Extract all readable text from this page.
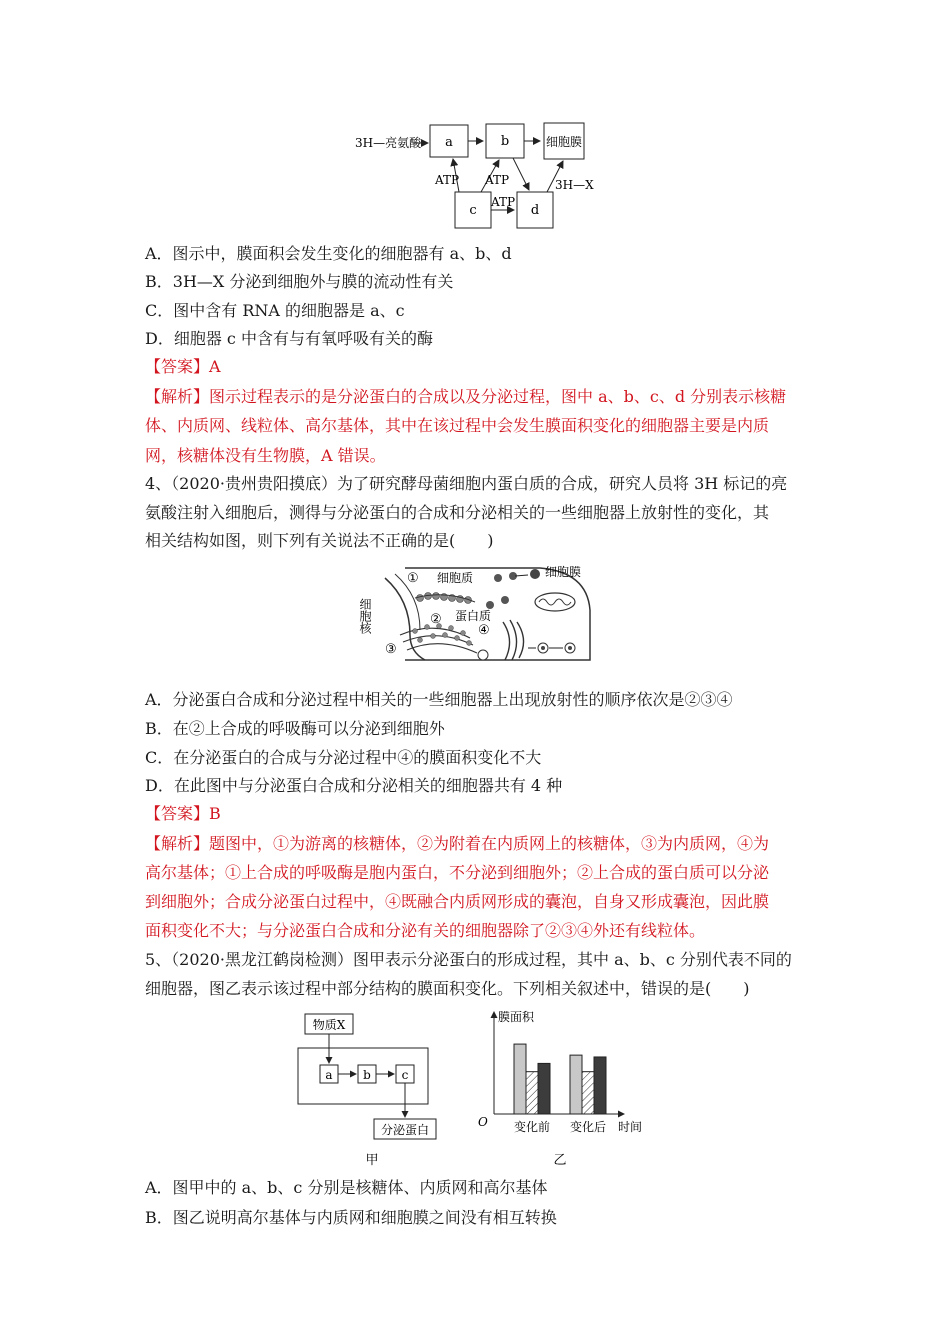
3H—亮氨酸 a	b	细胞膜
c	d
ATP ATP
ATP
3H—X
A．图示中，膜面积会发生变化的细胞器有 a、b、d
B．3H—X 分泌到细胞外与膜的流动性有关
C．图中含有 RNA 的细胞器是 a、c
D．细胞器 c 中含有与有氧呼吸有关的酶
【答案】A
【解析】图示过程表示的是分泌蛋白的合成以及分泌过程，图中 a、b、c、d 分别表示核糖
体、内质网、线粒体、高尔基体，其中在该过程中会发生膜面积变化的细胞器主要是内质
网，核糖体没有生物膜，A 错误。
4、（2020·贵州贵阳摸底）为了研究酵母菌细胞内蛋白质的合成，研究人员将 3H 标记的亮
氨酸注射入细胞后，测得与分泌蛋白的合成和分泌相关的一些细胞器上放射性的变化，其
相关结构如图，则下列有关说法不正确的是(　　)
① 细胞质	细胞膜
细胞核	② 蛋白质
④
③
A．分泌蛋白合成和分泌过程中相关的一些细胞器上出现放射性的顺序依次是②③④
B．在②上合成的呼吸酶可以分泌到细胞外
C．在分泌蛋白的合成与分泌过程中④的膜面积变化不大
D．在此图中与分泌蛋白合成和分泌相关的细胞器共有 4 种
【答案】B
【解析】题图中，①为游离的核糖体，②为附着在内质网上的核糖体，③为内质网，④为
高尔基体；①上合成的呼吸酶是胞内蛋白，不分泌到细胞外；②上合成的蛋白质可以分泌
到细胞外；合成分泌蛋白过程中，④既融合内质网形成的囊泡，自身又形成囊泡，因此膜
面积变化不大；与分泌蛋白合成和分泌有关的细胞器除了②③④外还有线粒体。
5、（2020·黑龙江鹤岗检测）图甲表示分泌蛋白的形成过程，其中 a、b、c 分别代表不同的
细胞器，图乙表示该过程中部分结构的膜面积变化。下列相关叙述中，错误的是(　　)
物质X
a	b	c
分泌蛋白
甲
膜面积
O 变化前 变化后 时间
乙
A．图甲中的 a、b、c 分别是核糖体、内质网和高尔基体
B．图乙说明高尔基体与内质网和细胞膜之间没有相互转换
